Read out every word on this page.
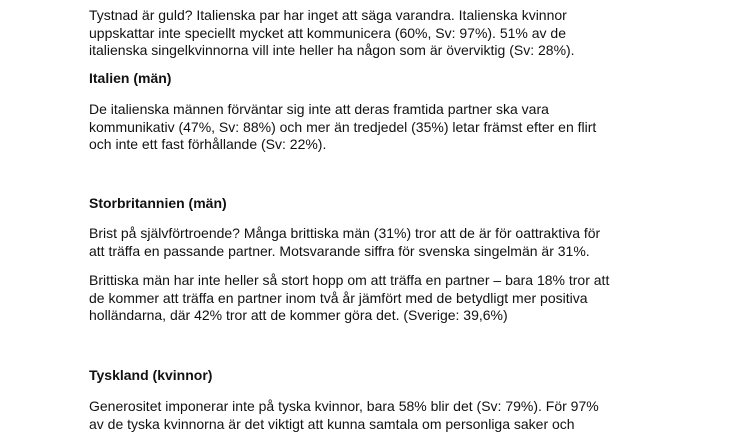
Tystnad är guld? Italienska par har inget att säga varandra. Italienska kvinnor
uppskattar inte speciellt mycket att kommunicera (60%, Sv: 97%). 51% av de
italienska singelkvinnorna vill inte heller ha någon som är överviktig (Sv: 28%).
Italien (män)
De italienska männen förväntar sig inte att deras framtida partner ska vara
kommunikativ (47%, Sv: 88%) och mer än tredjedel (35%) letar främst efter en flirt
och inte ett fast förhållande (Sv: 22%).
Storbritannien (män)
Brist på självförtroende? Många brittiska män (31%) tror att de är för oattraktiva för
att träffa en passande partner. Motsvarande siffra för svenska singelmän är 31%.
Brittiska män har inte heller så stort hopp om att träffa en partner – bara 18% tror att
de kommer att träffa en partner inom två år jämfört med de betydligt mer positiva
holländarna, där 42% tror att de kommer göra det. (Sverige: 39,6%)
Tyskland (kvinnor)
Generositet imponerar inte på tyska kvinnor, bara 58% blir det (Sv: 79%). För 97%
av de tyska kvinnorna är det viktigt att kunna samtala om personliga saker och
